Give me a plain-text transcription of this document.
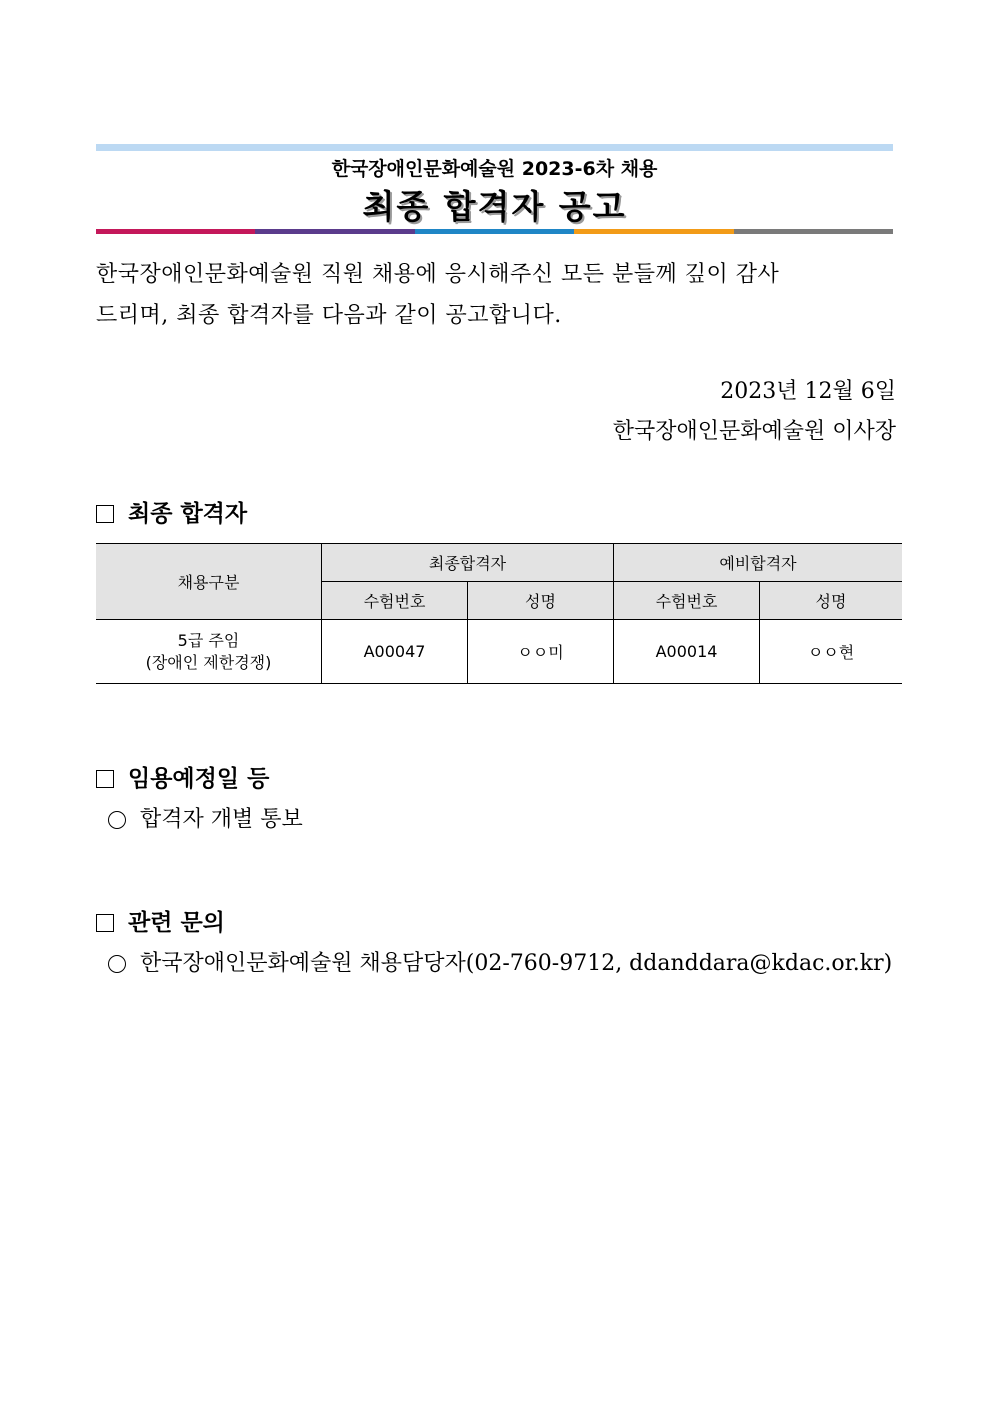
한국장애인문화예술원 2023-6차 채용
최종 합격자 공고
한국장애인문화예술원 직원 채용에 응시해주신 모든 분들께 깊이 감사
드리며, 최종 합격자를 다음과 같이 공고합니다.
2023년 12월 6일
한국장애인문화예술원 이사장
최종 합격자
채용구분	최종합격자		예비합격자	
	수험번호	성명	수험번호	성명

5급 주임
(장애인 제한경쟁)	A00047	ㅇㅇ미	A00014	ㅇㅇ현
임용예정일 등
합격자 개별 통보
관련 문의
한국장애인문화예술원 채용담당자(02-760-9712, ddanddara@kdac.or.kr)
